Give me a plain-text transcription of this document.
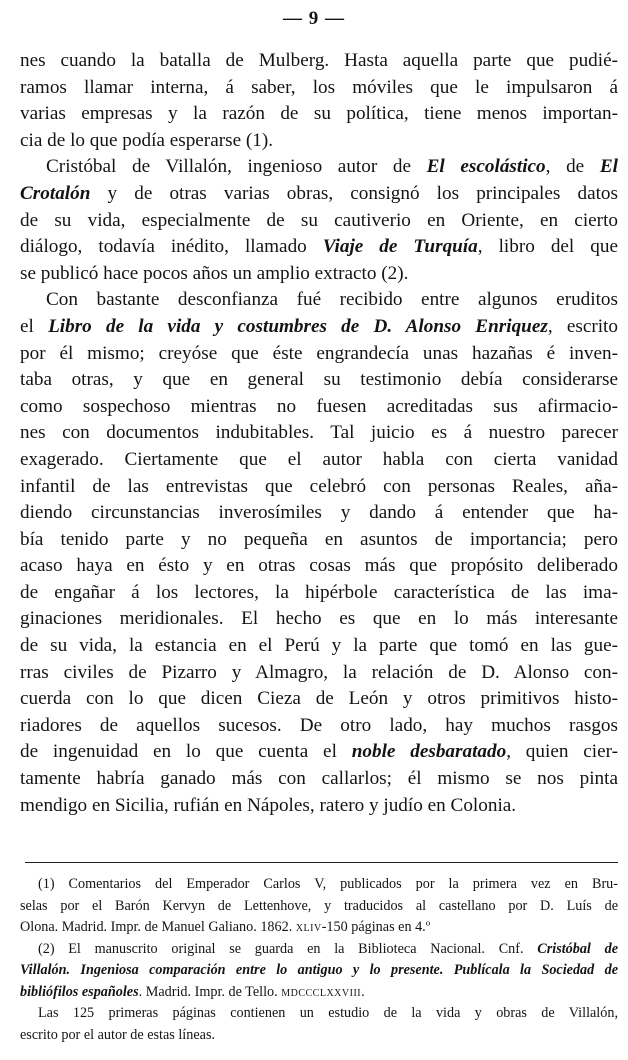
— 9 —
nes cuando la batalla de Mulberg. Hasta aquella parte que pudié-
ramos llamar interna, á saber, los móviles que le impulsaron á
varias empresas y la razón de su política, tiene menos importan-
cia de lo que podía esperarse (1).
Cristóbal de Villalón, ingenioso autor de El escolástico, de El
Crotalón y de otras varias obras, consignó los principales datos
de su vida, especialmente de su cautiverio en Oriente, en cierto
diálogo, todavía inédito, llamado Viaje de Turquía, libro del que
se publicó hace pocos años un amplio extracto (2).
Con bastante desconfianza fué recibido entre algunos eruditos
el Libro de la vida y costumbres de D. Alonso Enriquez, escrito
por él mismo; creyóse que éste engrandecía unas hazañas é inven-
taba otras, y que en general su testimonio debía considerarse
como sospechoso mientras no fuesen acreditadas sus afirmacio-
nes con documentos indubitables. Tal juicio es á nuestro parecer
exagerado. Ciertamente que el autor habla con cierta vanidad
infantil de las entrevistas que celebró con personas Reales, aña-
diendo circunstancias inverosímiles y dando á entender que ha-
bía tenido parte y no pequeña en asuntos de importancia; pero
acaso haya en ésto y en otras cosas más que propósito deliberado
de engañar á los lectores, la hipérbole característica de las ima-
ginaciones meridionales. El hecho es que en lo más interesante
de su vida, la estancia en el Perú y la parte que tomó en las gue-
rras civiles de Pizarro y Almagro, la relación de D. Alonso con-
cuerda con lo que dicen Cieza de León y otros primitivos histo-
riadores de aquellos sucesos. De otro lado, hay muchos rasgos
de ingenuidad en lo que cuenta el noble desbaratado, quien cier-
tamente habría ganado más con callarlos; él mismo se nos pinta
mendigo en Sicilia, rufián en Nápoles, ratero y judío en Colonia.
(1) Comentarios del Emperador Carlos V, publicados por la primera vez en Bru-
selas por el Barón Kervyn de Lettenhove, y traducidos al castellano por D. Luís de
Olona. Madrid. Impr. de Manuel Galiano. 1862. xliv-150 páginas en 4.º
(2) El manuscrito original se guarda en la Biblioteca Nacional. Cnf. Cristóbal de
Villalón. Ingeniosa comparación entre lo antiguo y lo presente. Publícala la Sociedad de
bibliófilos españoles. Madrid. Impr. de Tello. mdccclxxviii.
Las 125 primeras páginas contienen un estudio de la vida y obras de Villalón,
escrito por el autor de estas líneas.
